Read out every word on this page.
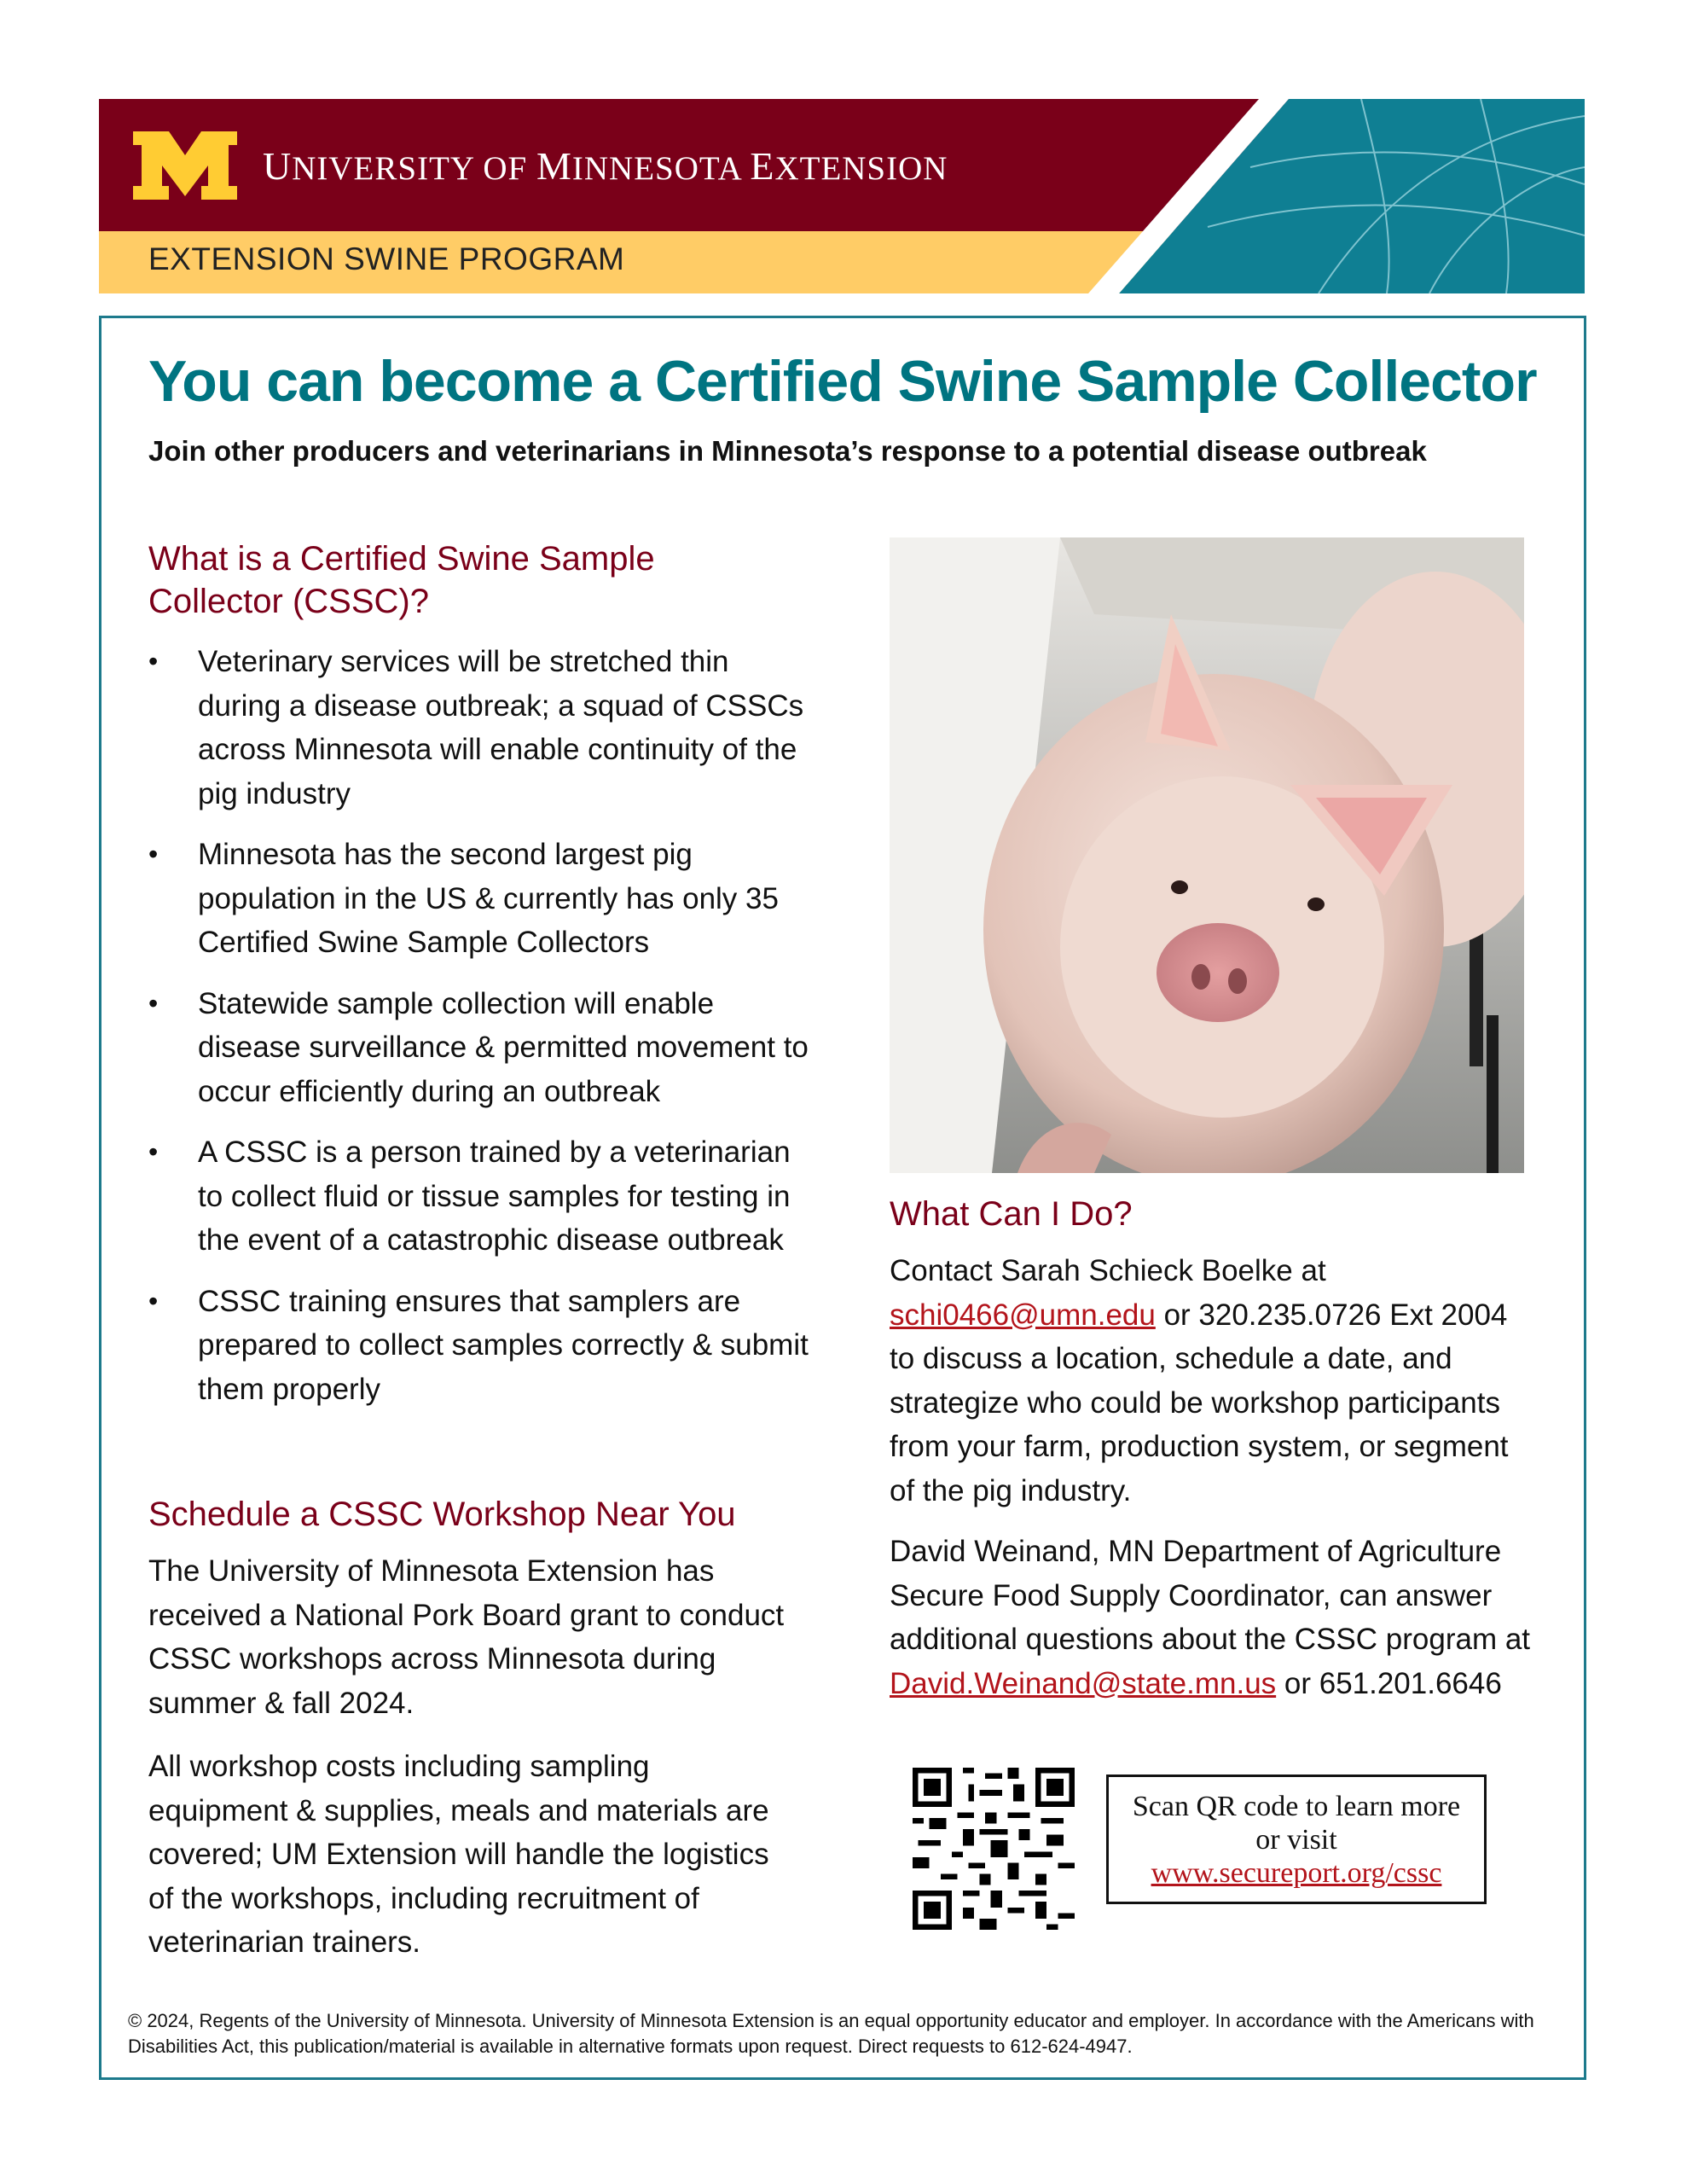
UNIVERSITY OF MINNESOTA EXTENSION
EXTENSION SWINE PROGRAM
You can become a Certified Swine Sample Collector
Join other producers and veterinarians in Minnesota’s response to a potential disease outbreak
What is a Certified Swine Sample
Collector (CSSC)?
• Veterinary services will be stretched thin during a disease outbreak; a squad of CSSCs across Minnesota will enable continuity of the pig industry
• Minnesota has the second largest pig population in the US & currently has only 35 Certified Swine Sample Collectors
• Statewide sample collection will enable disease surveillance & permitted movement to occur efficiently during an outbreak
• A CSSC is a person trained by a veterinarian to collect fluid or tissue samples for testing in the event of a catastrophic disease outbreak
• CSSC training ensures that samplers are prepared to collect samples correctly & submit them properly
Schedule a CSSC Workshop Near You

The University of Minnesota Extension has received a National Pork Board grant to conduct CSSC workshops across Minnesota during summer & fall 2024.

All workshop costs including sampling equipment & supplies, meals and materials are covered; UM Extension will handle the logistics of the workshops, including recruitment of veterinarian trainers.

What Can I Do?

Contact Sarah Schieck Boelke at
schi0466@umn.edu or 320.235.0726 Ext 2004 to discuss a location, schedule a date, and strategize who could be workshop participants from your farm, production system, or segment of the pig industry.

David Weinand, MN Department of Agriculture Secure Food Supply Coordinator, can answer additional questions about the CSSC program at David.Weinand@state.mn.us or 651.201.6646

Scan QR code to learn more
or visit
www.secureport.org/cssc
© 2024, Regents of the University of Minnesota. University of Minnesota Extension is an equal opportunity educator and employer. In accordance with the Americans with Disabilities Act, this publication/material is available in alternative formats upon request. Direct requests to 612-624-4947.
